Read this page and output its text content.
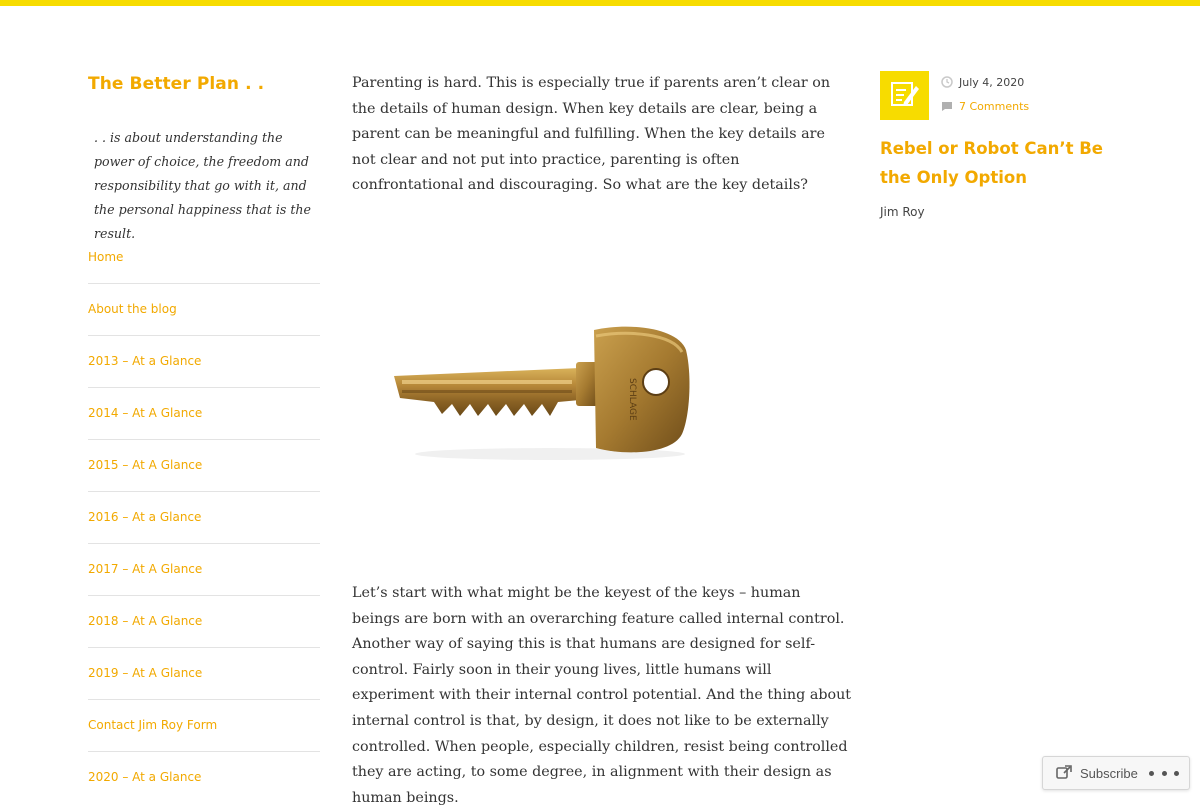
The Better Plan . .
. . is about understanding the power of choice, the freedom and responsibility that go with it, and the personal happiness that is the result.
Home
About the blog
2013 – At a Glance
2014 – At A Glance
2015 – At A Glance
2016 – At a Glance
2017 – At A Glance
2018 – At A Glance
2019 – At A Glance
Contact Jim Roy Form
2020 – At a Glance

Parenting is hard. This is especially true if parents aren’t clear on the details of human design. When key details are clear, being a parent can be meaningful and fulfilling. When the key details are not clear and not put into practice, parenting is often confrontational and discouraging. So what are the key details?

SCHLAGE

Let’s start with what might be the keyest of the keys – human beings are born with an overarching feature called internal control. Another way of saying this is that humans are designed for self-control. Fairly soon in their young lives, little humans will experiment with their internal control potential. And the thing about internal control is that, by design, it does not like to be externally controlled. When people, especially children, resist being controlled they are acting, to some degree, in alignment with their design as human beings.

July 4, 2020
7 Comments
Rebel or Robot Can’t Be the Only Option
Jim Roy
Subscribe
